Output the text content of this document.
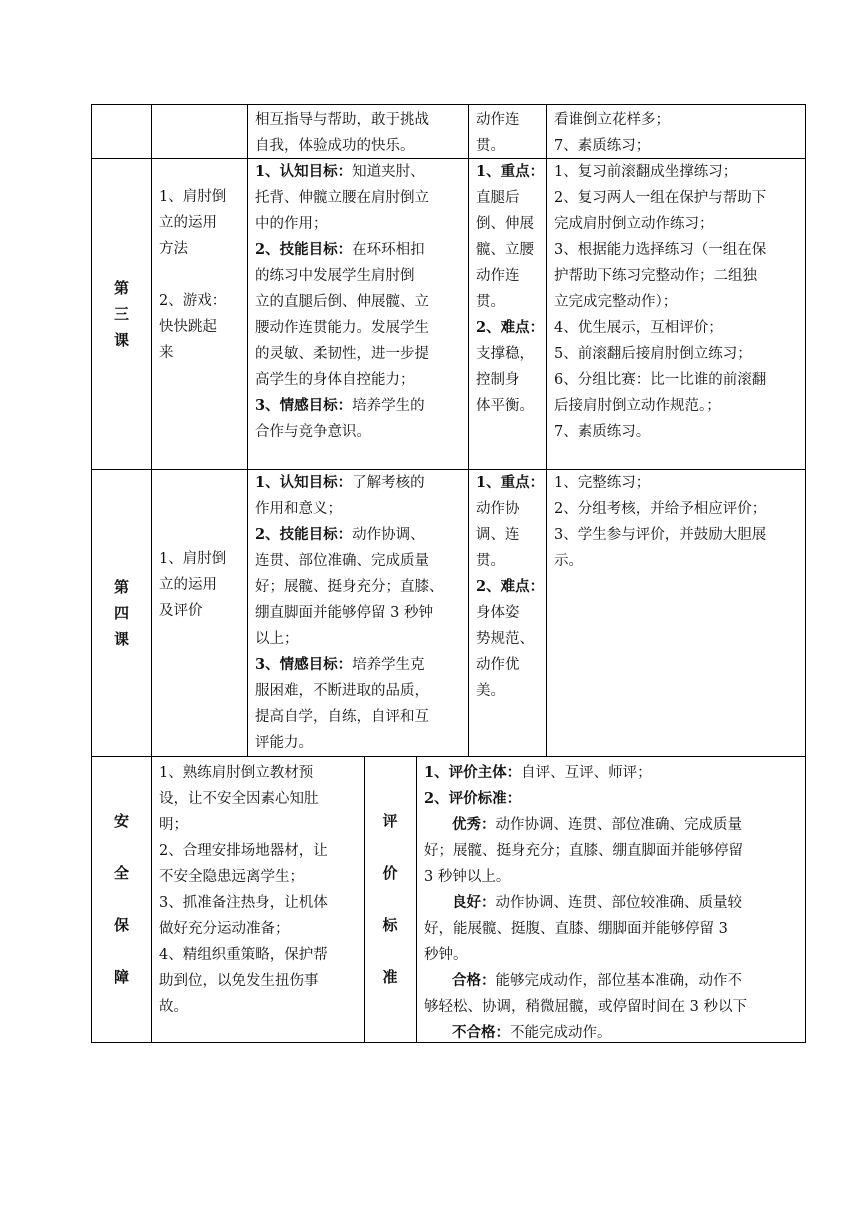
相互指导与帮助，敢于挑战
自我，体验成功的快乐。
动作连
贯。
看谁倒立花样多；
7、素质练习；
第
三
课
1、肩肘倒
立的运用
方法

2、游戏：
快快跳起
来
1、认知目标：知道夹肘、
托背、伸髋立腰在肩肘倒立
中的作用；
2、技能目标：在环环相扣
的练习中发展学生肩肘倒
立的直腿后倒、伸展髋、立
腰动作连贯能力。发展学生
的灵敏、柔韧性，进一步提
高学生的身体自控能力；
3、情感目标：培养学生的
合作与竞争意识。
1、重点：
直腿后
倒、伸展
髋、立腰
动作连
贯。
2、难点：
支撑稳，
控制身
体平衡。
1、复习前滚翻成坐撑练习；
2、复习两人一组在保护与帮助下
完成肩肘倒立动作练习；
3、根据能力选择练习（一组在保
护帮助下练习完整动作；二组独
立完成完整动作）；
4、优生展示，互相评价；
5、前滚翻后接肩肘倒立练习；
6、分组比赛：比一比谁的前滚翻
后接肩肘倒立动作规范。；
7、素质练习。
第
四
课
1、肩肘倒
立的运用
及评价
1、认知目标：了解考核的
作用和意义；
2、技能目标：动作协调、
连贯、部位准确、完成质量
好；展髋、挺身充分；直膝、
绷直脚面并能够停留 3 秒钟
以上；
3、情感目标：培养学生克
服困难，不断进取的品质，
提高自学，自练，自评和互
评能力。
1、重点：
动作协
调、连
贯。
2、难点：
身体姿
势规范、
动作优
美。
1、完整练习；
2、分组考核，并给予相应评价；
3、学生参与评价，并鼓励大胆展
示。
安
全
保
障
1、熟练肩肘倒立教材预
设，让不安全因素心知肚
明；
2、合理安排场地器材，让
不安全隐患远离学生；
3、抓准备注热身，让机体
做好充分运动准备；
4、精组织重策略，保护帮
助到位，以免发生扭伤事
故。
评
价
标
准
1、评价主体：自评、互评、师评；
2、评价标准：
优秀：动作协调、连贯、部位准确、完成质量
好；展髋、挺身充分；直膝、绷直脚面并能够停留
3 秒钟以上。
良好：动作协调、连贯、部位较准确、质量较
好，能展髋、挺腹、直膝、绷脚面并能够停留 3
秒钟。
合格：能够完成动作，部位基本准确，动作不
够轻松、协调，稍微屈髋，或停留时间在 3 秒以下
不合格：不能完成动作。
